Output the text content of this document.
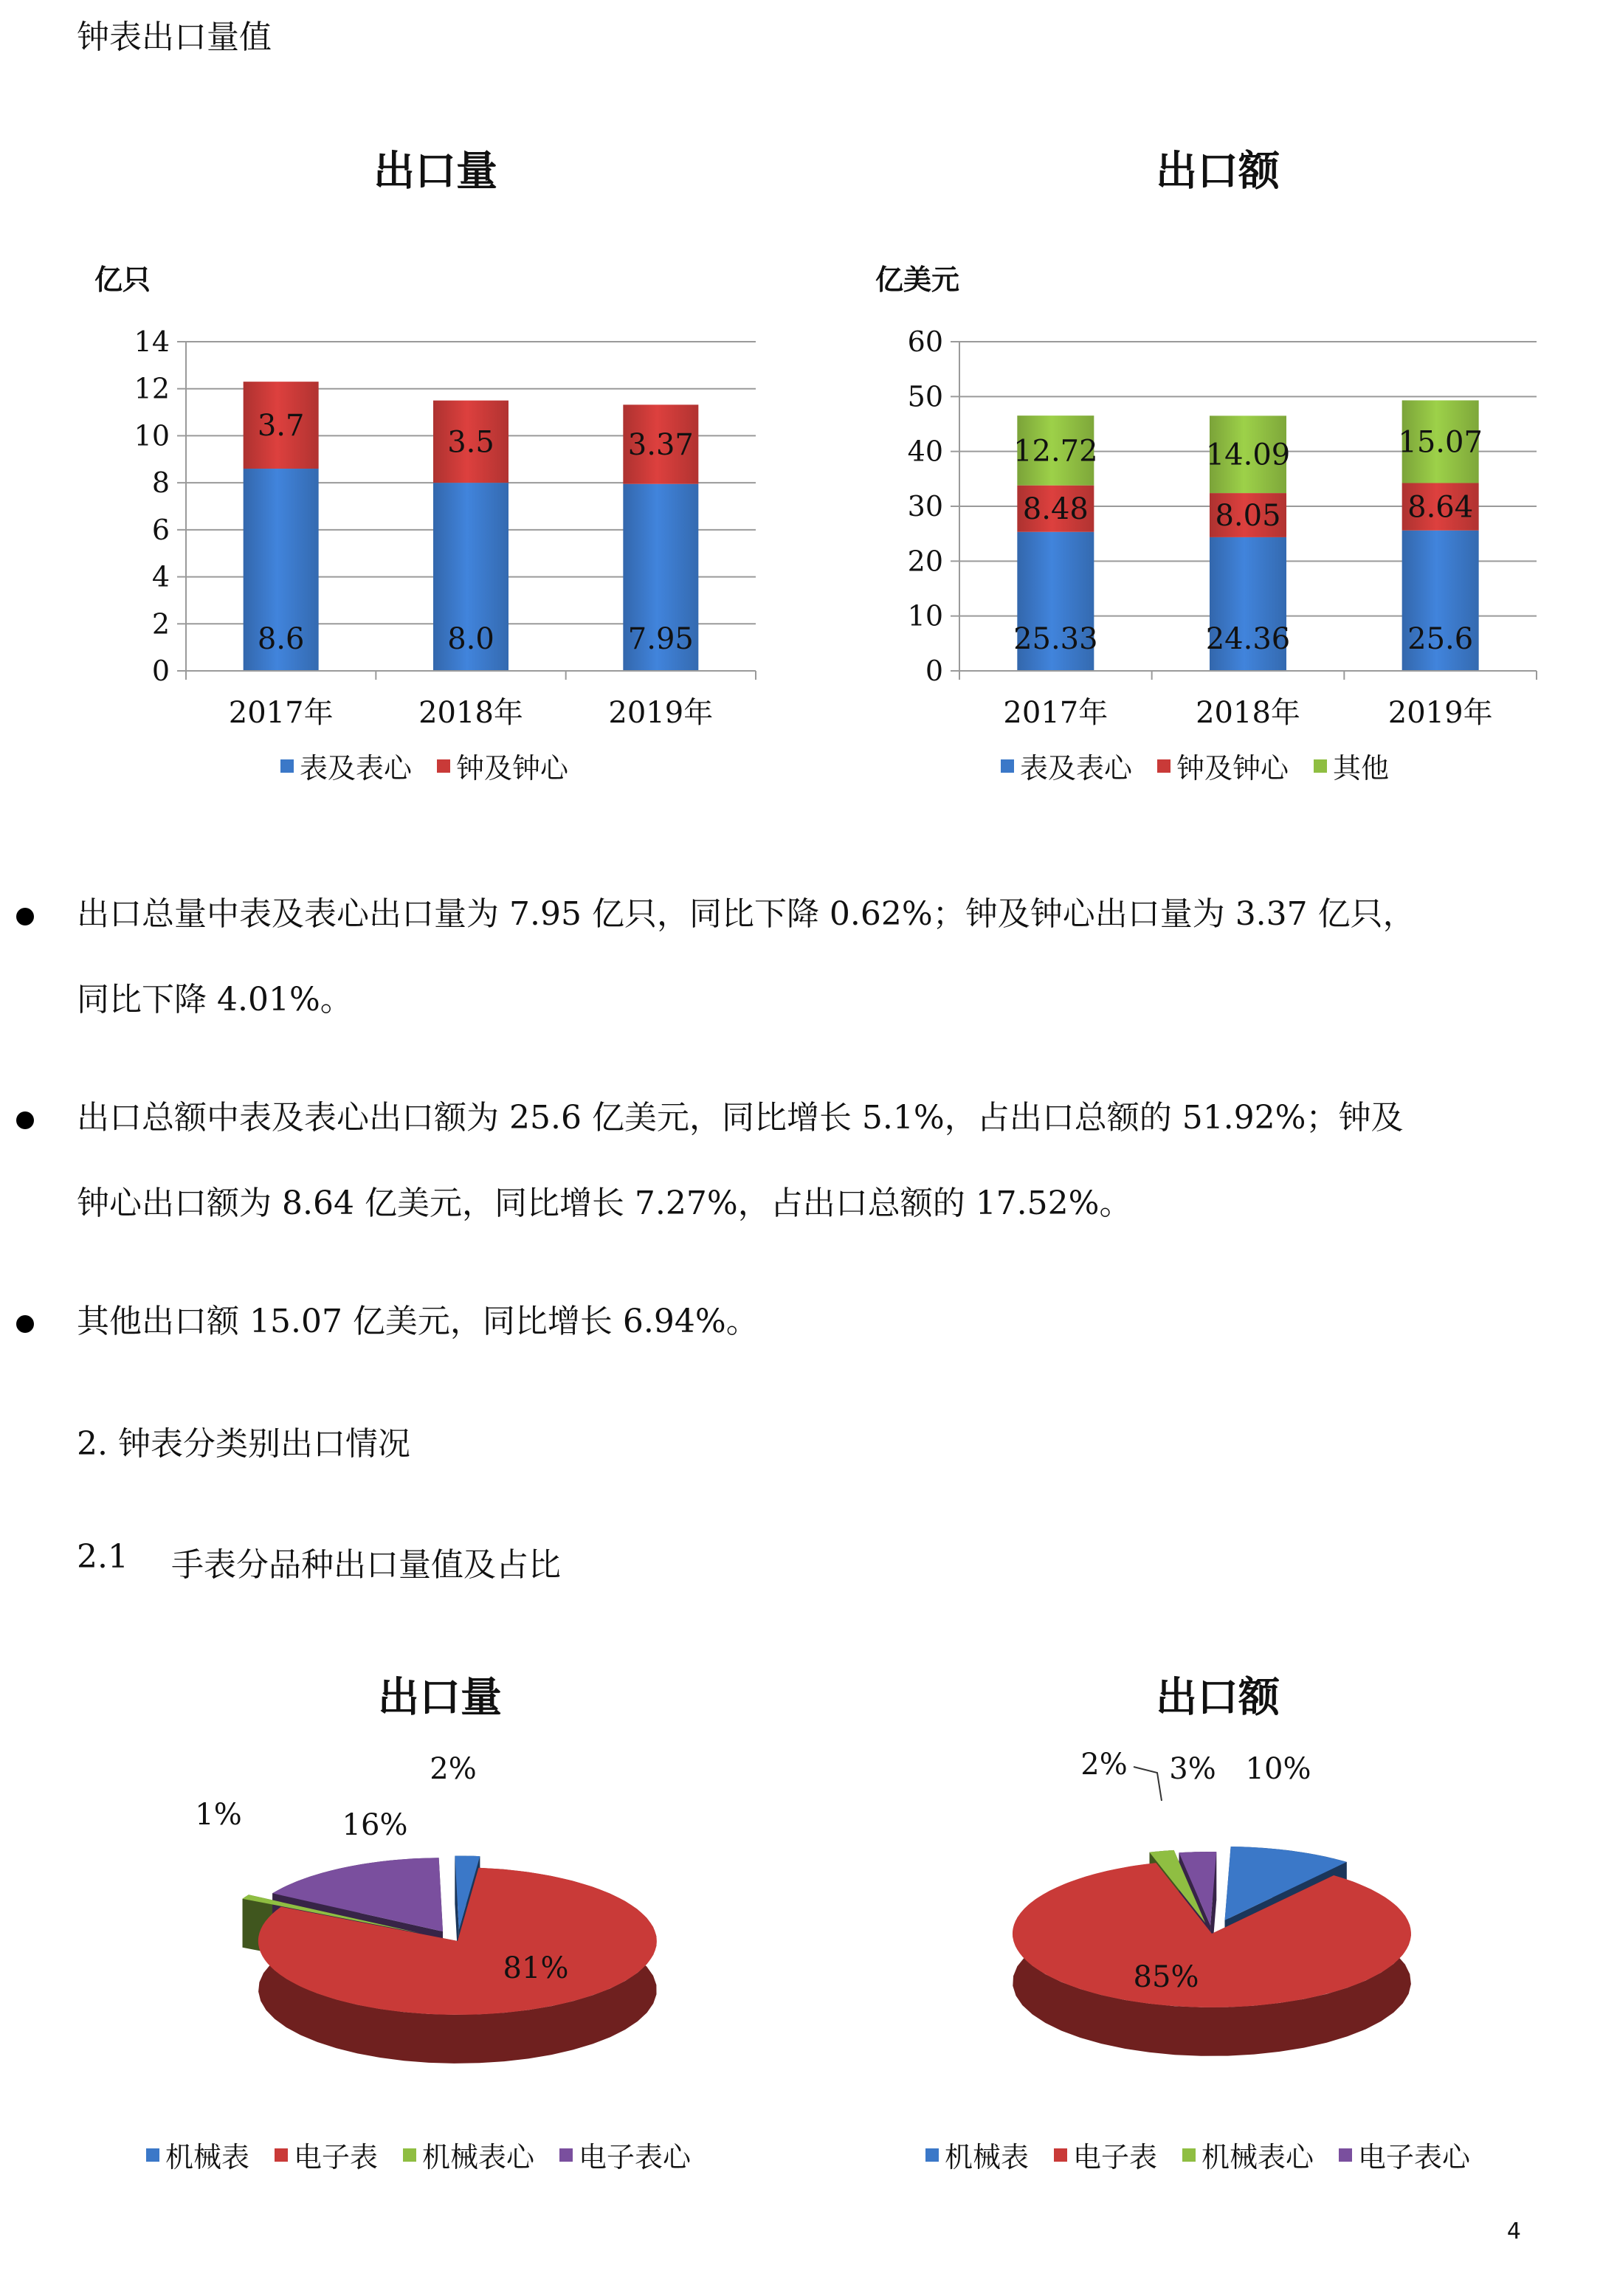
钟表出口量值
出口量
亿只
0
2
4
6
8
10
12
14
2017年
8.6
3.7
2018年
8.0
3.5
2019年
7.95
3.37
表及表心 钟及钟心
出口额
亿美元
0
10
20
30
40
50
60
2017年
25.33
8.48
12.72
2018年
24.36
8.05
14.09
2019年
25.6
8.64
15.07
表及表心 钟及钟心 其他
出口总量中表及表心出口量为 7.95 亿只，同比下降 0.62%；钟及钟心出口量为 3.37 亿只，
同比下降 4.01%。
出口总额中表及表心出口额为 25.6 亿美元，同比增长 5.1%，占出口总额的 51.92%；钟及
钟心出口额为 8.64 亿美元，同比增长 7.27%，占出口总额的 17.52%。
其他出口额 15.07 亿美元，同比增长 6.94%。
2. 钟表分类别出口情况
2.1 手表分品种出口量值及占比
出口量	出口额
2%
81%
1%	16%
10%
85%
2% 3%
机械表 电子表 机械表心 电子表心	机械表 电子表 机械表心 电子表心
4
